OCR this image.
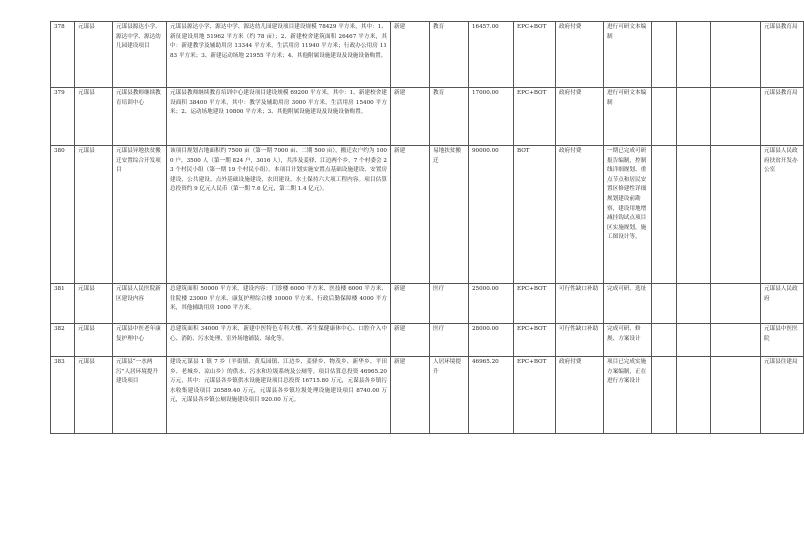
378	元谋县	元谋县源达小学、源达中学、源达幼儿园建设项目	元谋县源达小学、源达中学、源达幼儿园建设项目建设规模 78429 平方米，其中：1、新征建设用地 51962 平方米（约 78 亩）；2、新建校舍建筑面积 26467 平方米，其中：新建教学及辅助用房 13344 平方米，生活用房 11940 平方米；行政办公用房 1183 平方米；3、新建运动场地 21955 平方米；4、其他附属设施建设及设施设备购置。	新建	教育	16457.00	EPC+BOT	政府付费	进行可研文本编制				元谋县教育局
379	元谋县	元谋县教师继续教育培训中心	元谋县教师继续教育培训中心建设项目建设规模 69200 平方米，其中：1、新建校舍建设面积 38400 平方米，其中：教学及辅助用房 3000 平方米，生活用房 15400 平方米；2、运动场地建设 10800 平方米；3、其他附属设施建设及设施设备购置。	新建	教育	17000.00	EPC+BOT	政府付费	进行可研文本编制				元谋县教育局
380	元谋县	元谋县异地扶贫搬迁安置综合开发项目	该项目规划占地面积约 7500 亩（第一期 7000 亩、二期 500 亩），搬迁农户约为 1000 户，3500 人（第一期 824 户，3016 人），共涉及姜驿、江边两个乡，7 个村委会 23 个村民小组（第一期 19 个村民小组）。本项目计划实施安置点基础设施建设、安置房建设、公共建设、点外基础设施建设、农田建设、水土保持六大项工程内容。项目估算总投资约 9 亿元人民币（第一期 7.6 亿元，第二期 1.4 亿元）。	新建	易地扶贫搬迁	90000.00	BOT	政府付费	一期已完成可研报告编制，控制线详细规划、重点节点和居民安置区修建性详细规划建设前勘察，建设用地增减挂钩试点项目区实施规划，施工图设计等。				元谋县人民政府扶贫开发办公室
381	元谋县	元谋县人民医院新区建设内容	总建筑面积 50000 平方米，建设内容：门诊楼 6000 平方米、医技楼 6000 平方米、住院楼 23000 平方米、康复护理综合楼 10000 平方米、行政后勤保障楼 4000 平方米，其他辅助用房 1000 平方米。	新建	医疗	25000.00	EPC+BOT	可行性缺口补助	完成可研、选址				元谋县人民政府
382	元谋县	元谋县中医老年康复护理中心	总建筑面积 34000 平方米，新建中医特色专科大楼、养生保健康体中心、口腔介入中心、消防、污水处理、室外场地铺装、绿化等。	新建	医疗	28000.00	EPC+BOT	可行性缺口补助	完成可研、修规、方案设计				元谋县中医医院
383	元谋县	元谋县“一水两污”人居环境提升建设项目	建设元谋县 1 镇 7 乡（羊街镇、黄瓜园镇、江边乡、姜驿乡、物茂乡、新华乡、平田乡、老城乡、凉山乡）的供水、污水和垃圾系统及公厕等。项目估算总投资 46965.20 万元，其中：元谋县各乡镇供水设施建设项目总投资 16715.80 万元，元谋县各乡镇污水收集建设项目 20589.40 万元，元谋县各乡镇垃圾处理设施建设项目 8740.00 万元，元谋县各乡镇公厕设施建设项目 920.00 万元。	新建	人居环境提升	46965.20	EPC+BOT	政府付费	项目已完成实施方案编制，正在进行方案设计				元谋县住建局
